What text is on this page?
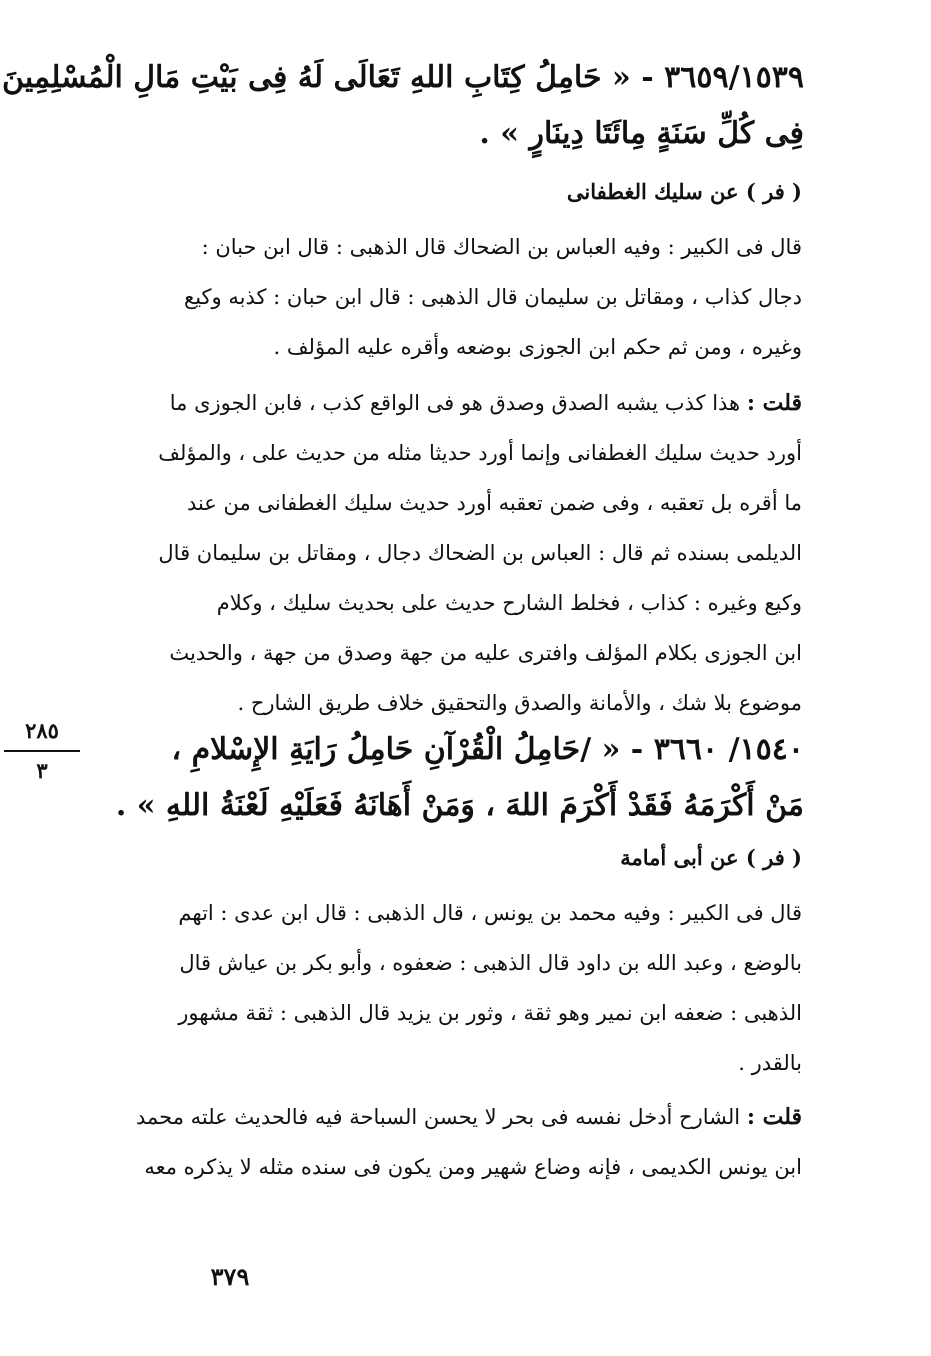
٣٦٥٩/١٥٣٩ - « حَامِلُ كِتَابِ اللهِ تَعَالَى لَهُ فِى بَيْتِ مَالِ الْمُسْلِمِينَ
فِى كُلِّ سَنَةٍ مِائَتَا دِينَارٍ » .
( فر ) عن سليك الغطفانى
قال فى الكبير : وفيه العباس بن الضحاك قال الذهبى : قال ابن حبان :
دجال كذاب ، ومقاتل بن سليمان قال الذهبى : قال ابن حبان : كذبه وكيع
وغيره ، ومن ثم حكم ابن الجوزى بوضعه وأقره عليه المؤلف .
قلت : هذا كذب يشبه الصدق وصدق هو فى الواقع كذب ، فابن الجوزى ما
أورد حديث سليك الغطفانى وإنما أورد حديثا مثله من حديث على ، والمؤلف
ما أقره بل تعقبه ، وفى ضمن تعقبه أورد حديث سليك الغطفانى من عند
الديلمى بسنده ثم قال : العباس بن الضحاك دجال ، ومقاتل بن سليمان قال
وكيع وغيره : كذاب ، فخلط الشارح حديث على بحديث سليك ، وكلام
ابن الجوزى بكلام المؤلف وافترى عليه من جهة وصدق من جهة ، والحديث
موضوع بلا شك ، والأمانة والصدق والتحقيق خلاف طريق الشارح .
٢٨٥
٣
١٥٤٠/ ٣٦٦٠ - « /حَامِلُ الْقُرْآنِ حَامِلُ رَايَةِ الإِسْلامِ ،
مَنْ أَكْرَمَهُ فَقَدْ أَكْرَمَ اللهَ ، وَمَنْ أَهَانَهُ فَعَلَيْهِ لَعْنَةُ اللهِ » .
( فر ) عن أبى أمامة
قال فى الكبير : وفيه محمد بن يونس ، قال الذهبى : قال ابن عدى : اتهم
بالوضع ، وعبد الله بن داود قال الذهبى : ضعفوه ، وأبو بكر بن عياش قال
الذهبى : ضعفه ابن نمير وهو ثقة ، وثور بن يزيد قال الذهبى : ثقة مشهور
بالقدر .
قلت : الشارح أدخل نفسه فى بحر لا يحسن السباحة فيه فالحديث علته محمد
ابن يونس الكديمى ، فإنه وضاع شهير ومن يكون فى سنده مثله لا يذكره معه
٣٧٩
